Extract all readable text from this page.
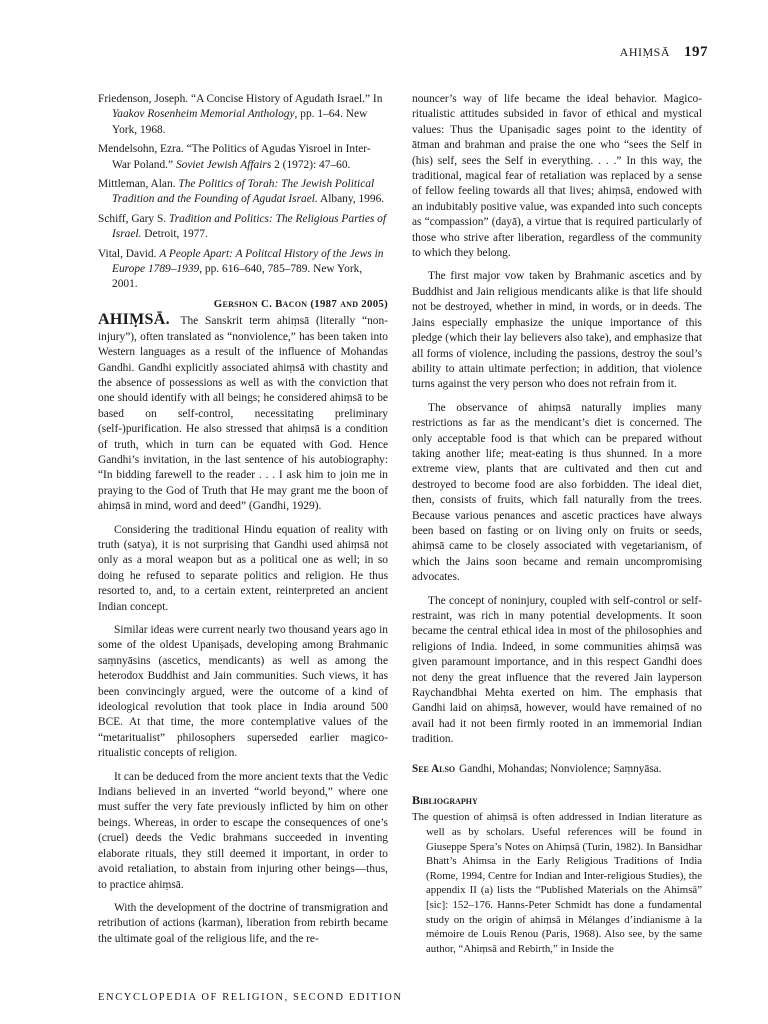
AHIṂSĀ 197

Friedenson, Joseph. “A Concise History of Agudath Israel.” In Yaakov Rosenheim Memorial Anthology, pp. 1–64. New York, 1968.

Mendelsohn, Ezra. “The Politics of Agudas Yisroel in Inter-War Poland.” Soviet Jewish Affairs 2 (1972): 47–60.

Mittleman, Alan. The Politics of Torah: The Jewish Political Tradition and the Founding of Agudat Israel. Albany, 1996.

Schiff, Gary S. Tradition and Politics: The Religious Parties of Israel. Detroit, 1977.

Vital, David. A People Apart: A Politcal History of the Jews in Europe 1789–1939, pp. 616–640, 785–789. New York, 2001.

Gershon C. Bacon (1987 and 2005)

AHIṂSĀ. The Sanskrit term ahiṃsā (literally “non-injury”), often translated as “nonviolence,” has been taken into Western languages as a result of the influence of Mohandas Gandhi. Gandhi explicitly associated ahiṃsā with chastity and the absence of possessions as well as with the conviction that one should identify with all beings; he considered ahiṃsā to be based on self-control, necessitating preliminary (self-)purification. He also stressed that ahiṃsā is a condition of truth, which in turn can be equated with God. Hence Gandhi’s invitation, in the last sentence of his autobiography: “In bidding farewell to the reader . . . I ask him to join me in praying to the God of Truth that He may grant me the boon of ahiṃsā in mind, word and deed” (Gandhi, 1929).

Considering the traditional Hindu equation of reality with truth (satya), it is not surprising that Gandhi used ahiṃsā not only as a moral weapon but as a political one as well; in so doing he refused to separate politics and religion. He thus resorted to, and, to a certain extent, reinterpreted an ancient Indian concept.

Similar ideas were current nearly two thousand years ago in some of the oldest Upaniṣads, developing among Brahmanic saṃnyāsins (ascetics, mendicants) as well as among the heterodox Buddhist and Jain communities. Such views, it has been convincingly argued, were the outcome of a kind of ideological revolution that took place in India around 500 BCE. At that time, the more contemplative values of the “metaritualist” philosophers superseded earlier magico-ritualistic concepts of religion.

It can be deduced from the more ancient texts that the Vedic Indians believed in an inverted “world beyond,” where one must suffer the very fate previously inflicted by him on other beings. Whereas, in order to escape the consequences of one’s (cruel) deeds the Vedic brahmans succeeded in inventing elaborate rituals, they still deemed it important, in order to avoid retaliation, to abstain from injuring other beings—thus, to practice ahiṃsā.

With the development of the doctrine of transmigration and retribution of actions (karman), liberation from rebirth became the ultimate goal of the religious life, and the re-

nouncer’s way of life became the ideal behavior. Magico-ritualistic attitudes subsided in favor of ethical and mystical values: Thus the Upaniṣadic sages point to the identity of ātman and brahman and praise the one who “sees the Self in (his) self, sees the Self in everything. . . .” In this way, the traditional, magical fear of retaliation was replaced by a sense of fellow feeling towards all that lives; ahiṃsā, endowed with an indubitably positive value, was expanded into such concepts as “compassion” (dayā), a virtue that is required particularly of those who strive after liberation, regardless of the community to which they belong.

The first major vow taken by Brahmanic ascetics and by Buddhist and Jain religious mendicants alike is that life should not be destroyed, whether in mind, in words, or in deeds. The Jains especially emphasize the unique importance of this pledge (which their lay believers also take), and emphasize that all forms of violence, including the passions, destroy the soul’s ability to attain ultimate perfection; in addition, that violence turns against the very person who does not refrain from it.

The observance of ahiṃsā naturally implies many restrictions as far as the mendicant’s diet is concerned. The only acceptable food is that which can be prepared without taking another life; meat-eating is thus shunned. In a more extreme view, plants that are cultivated and then cut and destroyed to become food are also forbidden. The ideal diet, then, consists of fruits, which fall naturally from the trees. Because various penances and ascetic practices have always been based on fasting or on living only on fruits or seeds, ahiṃsā came to be closely associated with vegetarianism, of which the Jains soon became and remain uncompromising advocates.

The concept of noninjury, coupled with self-control or self-restraint, was rich in many potential developments. It soon became the central ethical idea in most of the philosophies and religions of India. Indeed, in some communities ahiṃsā was given paramount importance, and in this respect Gandhi does not deny the great influence that the revered Jain layperson Raychandbhai Mehta exerted on him. The emphasis that Gandhi laid on ahiṃsā, however, would have remained of no avail had it not been firmly rooted in an immemorial Indian tradition.

See Also Gandhi, Mohandas; Nonviolence; Saṃnyāsa.

Bibliography

The question of ahiṃsā is often addressed in Indian literature as well as by scholars. Useful references will be found in Giuseppe Spera’s Notes on Ahiṃsā (Turin, 1982). In Bansidhar Bhatt’s Ahimsa in the Early Religious Traditions of India (Rome, 1994, Centre for Indian and Inter-religious Studies), the appendix II (a) lists the “Published Materials on the Ahimsā” [sic]: 152–176. Hanns-Peter Schmidt has done a fundamental study on the origin of ahiṃsā in Mélanges d’indianisme à la mémoire de Louis Renou (Paris, 1968). Also see, by the same author, “Ahiṃsā and Rebirth,” in Inside the

ENCYCLOPEDIA OF RELIGION, SECOND EDITION
